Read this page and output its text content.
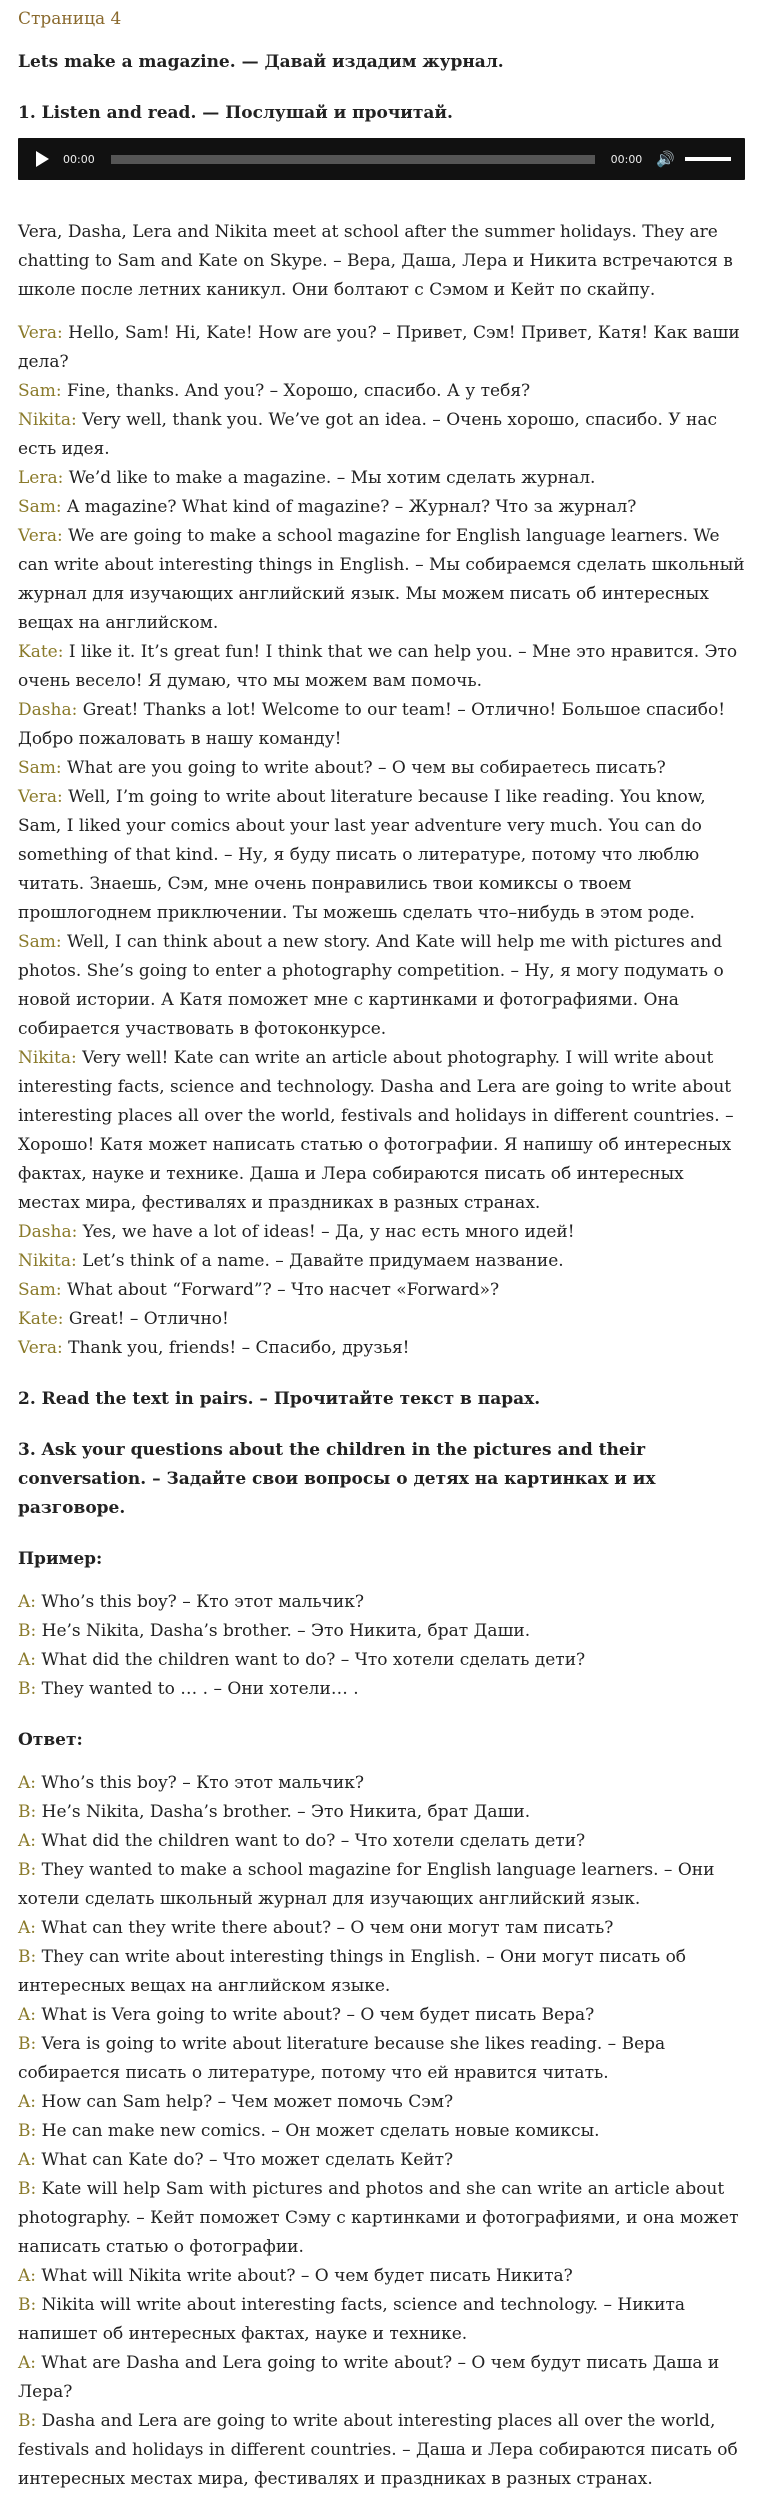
Страница 4

Lets make a magazine. — Давай издадим журнал.

1. Listen and read. — Послушай и прочитай.

00:00	00:00 🔊

Vera, Dasha, Lera and Nikita meet at school after the summer holidays. They are chatting to Sam and Kate on Skype. – Вера, Даша, Лера и Никита встречаются в школе после летних каникул. Они болтают с Сэмом и Кейт по скайпу.

Vera: Hello, Sam! Hi, Kate! How are you? – Привет, Сэм! Привет, Катя! Как ваши дела?

Sam: Fine, thanks. And you? – Хорошо, спасибо. А у тебя?

Nikita: Very well, thank you. We’ve got an idea. – Очень хорошо, спасибо. У нас есть идея.

Lera: We’d like to make a magazine. – Мы хотим сделать журнал.

Sam: A magazine? What kind of magazine? – Журнал? Что за журнал?

Vera: We are going to make a school magazine for English language learners. We can write about interesting things in English. – Мы собираемся сделать школьный журнал для изучающих английский язык. Мы можем писать об интересных вещах на английском.

Kate: I like it. It’s great fun! I think that we can help you. – Мне это нравится. Это очень весело! Я думаю, что мы можем вам помочь.

Dasha: Great! Thanks a lot! Welcome to our team! – Отлично! Большое спасибо! Добро пожаловать в нашу команду!

Sam: What are you going to write about? – О чем вы собираетесь писать?

Vera: Well, I’m going to write about literature because I like reading. You know, Sam, I liked your comics about your last year adventure very much. You can do something of that kind. – Ну, я буду писать о литературе, потому что люблю читать. Знаешь, Сэм, мне очень понравились твои комиксы о твоем прошлогоднем приключении. Ты можешь сделать что–нибудь в этом роде.

Sam: Well, I can think about a new story. And Kate will help me with pictures and photos. She’s going to enter a photography competition. – Ну, я могу подумать о новой истории. А Катя поможет мне с картинками и фотографиями. Она собирается участвовать в фотоконкурсе.

Nikita: Very well! Kate can write an article about photography. I will write about interesting facts, science and technology. Dasha and Lera are going to write about interesting places all over the world, festivals and holidays in different countries. – Хорошо! Катя может написать статью о фотографии. Я напишу об интересных фактах, науке и технике. Даша и Лера собираются писать об интересных местах мира, фестивалях и праздниках в разных странах.

Dasha: Yes, we have a lot of ideas! – Да, у нас есть много идей!

Nikita: Let’s think of a name. – Давайте придумаем название.

Sam: What about “Forward”? – Что насчет «Forward»?

Kate: Great! – Отлично!

Vera: Thank you, friends! – Спасибо, друзья!

2. Read the text in pairs. – Прочитайте текст в парах.

3. Ask your questions about the children in the pictures and their conversation. – Задайте свои вопросы о детях на картинках и их разговоре.

Пример:

A: Who’s this boy? – Кто этот мальчик?

B: He’s Nikita, Dasha’s brother. – Это Никита, брат Даши.

A: What did the children want to do? – Что хотели сделать дети?

B: They wanted to … . – Они хотели… .

Ответ:

A: Who’s this boy? – Кто этот мальчик?

B: He’s Nikita, Dasha’s brother. – Это Никита, брат Даши.

A: What did the children want to do? – Что хотели сделать дети?

B: They wanted to make a school magazine for English language learners. – Они хотели сделать школьный журнал для изучающих английский язык.

A: What can they write there about? – О чем они могут там писать?

B: They can write about interesting things in English. – Они могут писать об интересных вещах на английском языке.

A: What is Vera going to write about? – О чем будет писать Вера?

B: Vera is going to write about literature because she likes reading. – Вера собирается писать о литературе, потому что ей нравится читать.

A: How can Sam help? – Чем может помочь Сэм?

B: He can make new comics. – Он может сделать новые комиксы.

A: What can Kate do? – Что может сделать Кейт?

B: Kate will help Sam with pictures and photos and she can write an article about photography. – Кейт поможет Сэму с картинками и фотографиями, и она может написать статью о фотографии.

A: What will Nikita write about? – О чем будет писать Никита?

B: Nikita will write about interesting facts, science and technology. – Никита напишет об интересных фактах, науке и технике.

A: What are Dasha and Lera going to write about? – О чем будут писать Даша и Лера?

B: Dasha and Lera are going to write about interesting places all over the world, festivals and holidays in different countries. – Даша и Лера собираются писать об интересных местах мира, фестивалях и праздниках в разных странах.
